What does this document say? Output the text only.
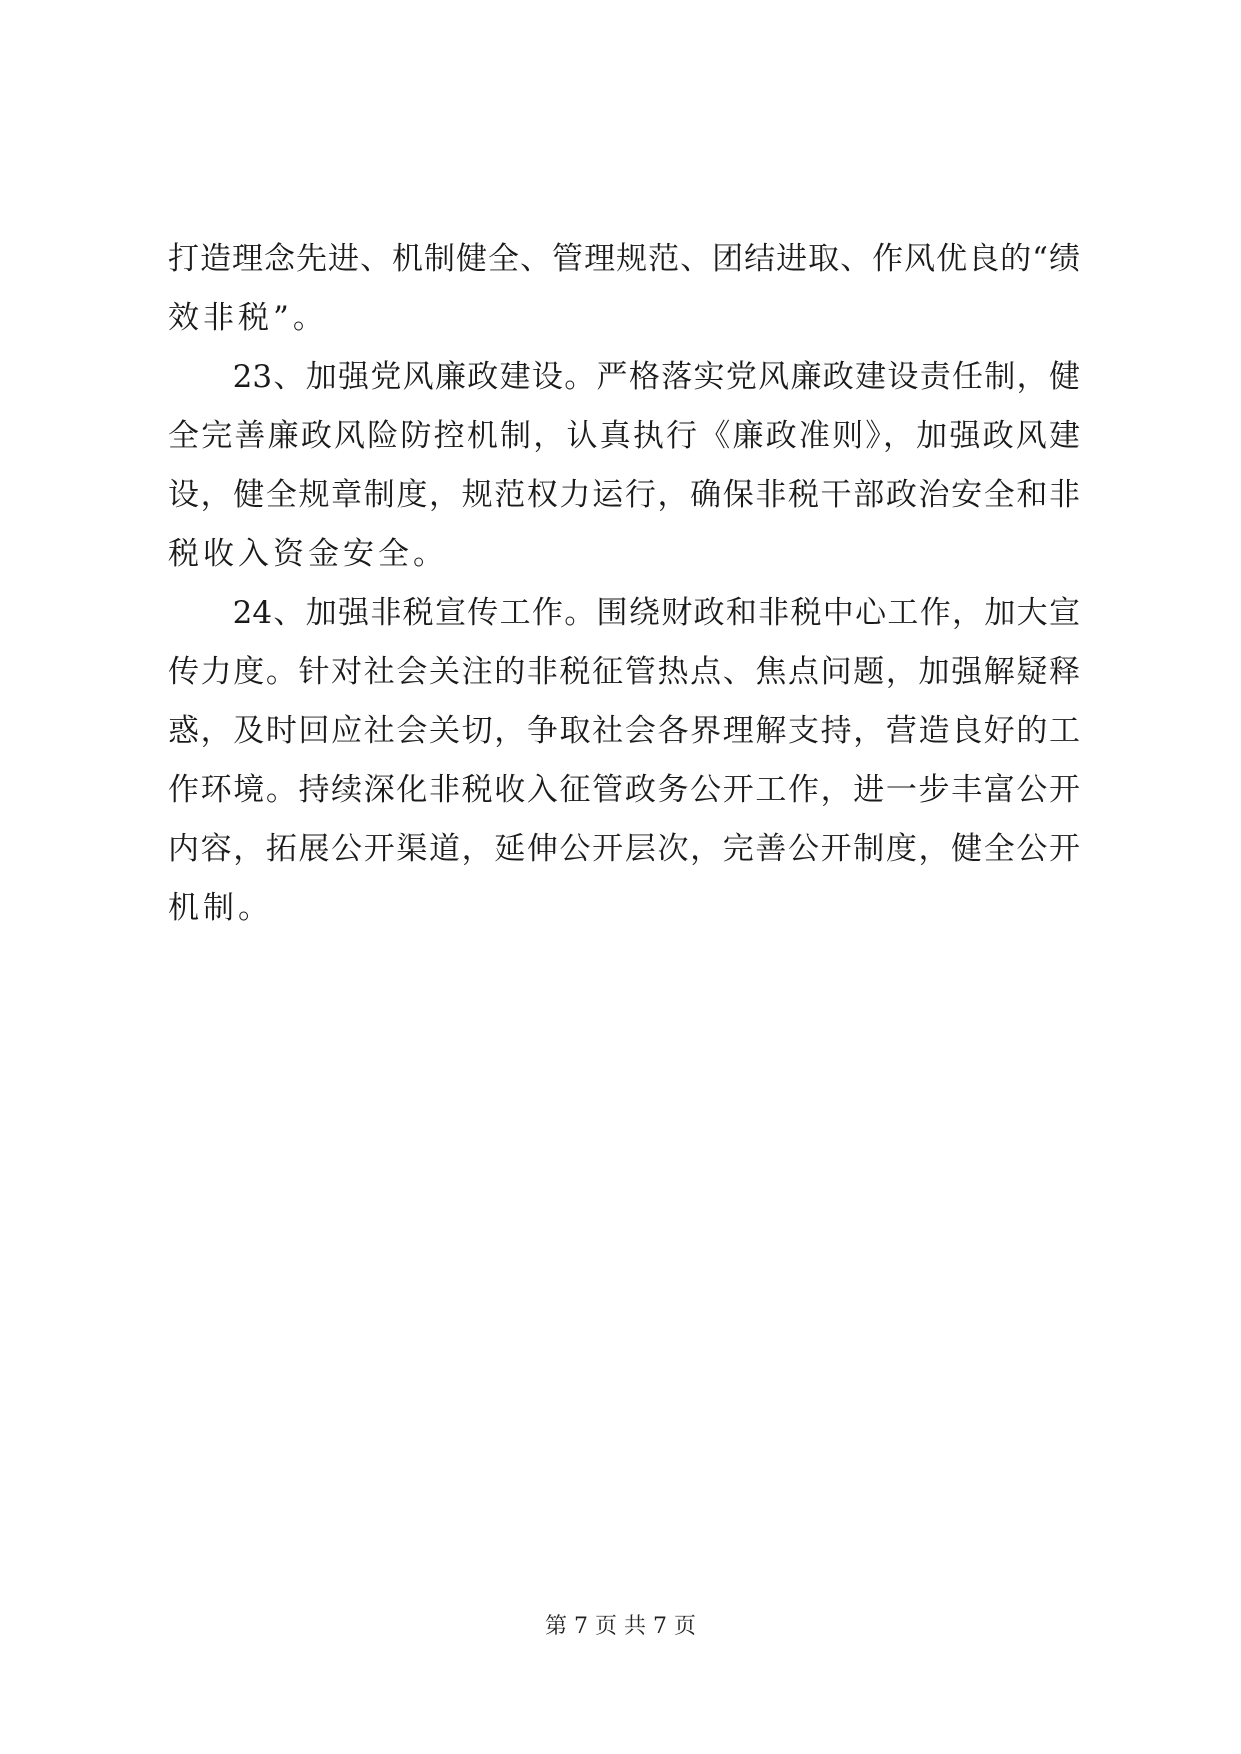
打造理念先进、机制健全、管理规范、团结进取、作风优良的“绩
效非税”。
　　23、加强党风廉政建设。严格落实党风廉政建设责任制，健
全完善廉政风险防控机制，认真执行《廉政准则》，加强政风建
设，健全规章制度，规范权力运行，确保非税干部政治安全和非
税收入资金安全。
　　24、加强非税宣传工作。围绕财政和非税中心工作，加大宣
传力度。针对社会关注的非税征管热点、焦点问题，加强解疑释
惑，及时回应社会关切，争取社会各界理解支持，营造良好的工
作环境。持续深化非税收入征管政务公开工作，进一步丰富公开
内容，拓展公开渠道，延伸公开层次，完善公开制度，健全公开
机制。
第 7 页 共 7 页
